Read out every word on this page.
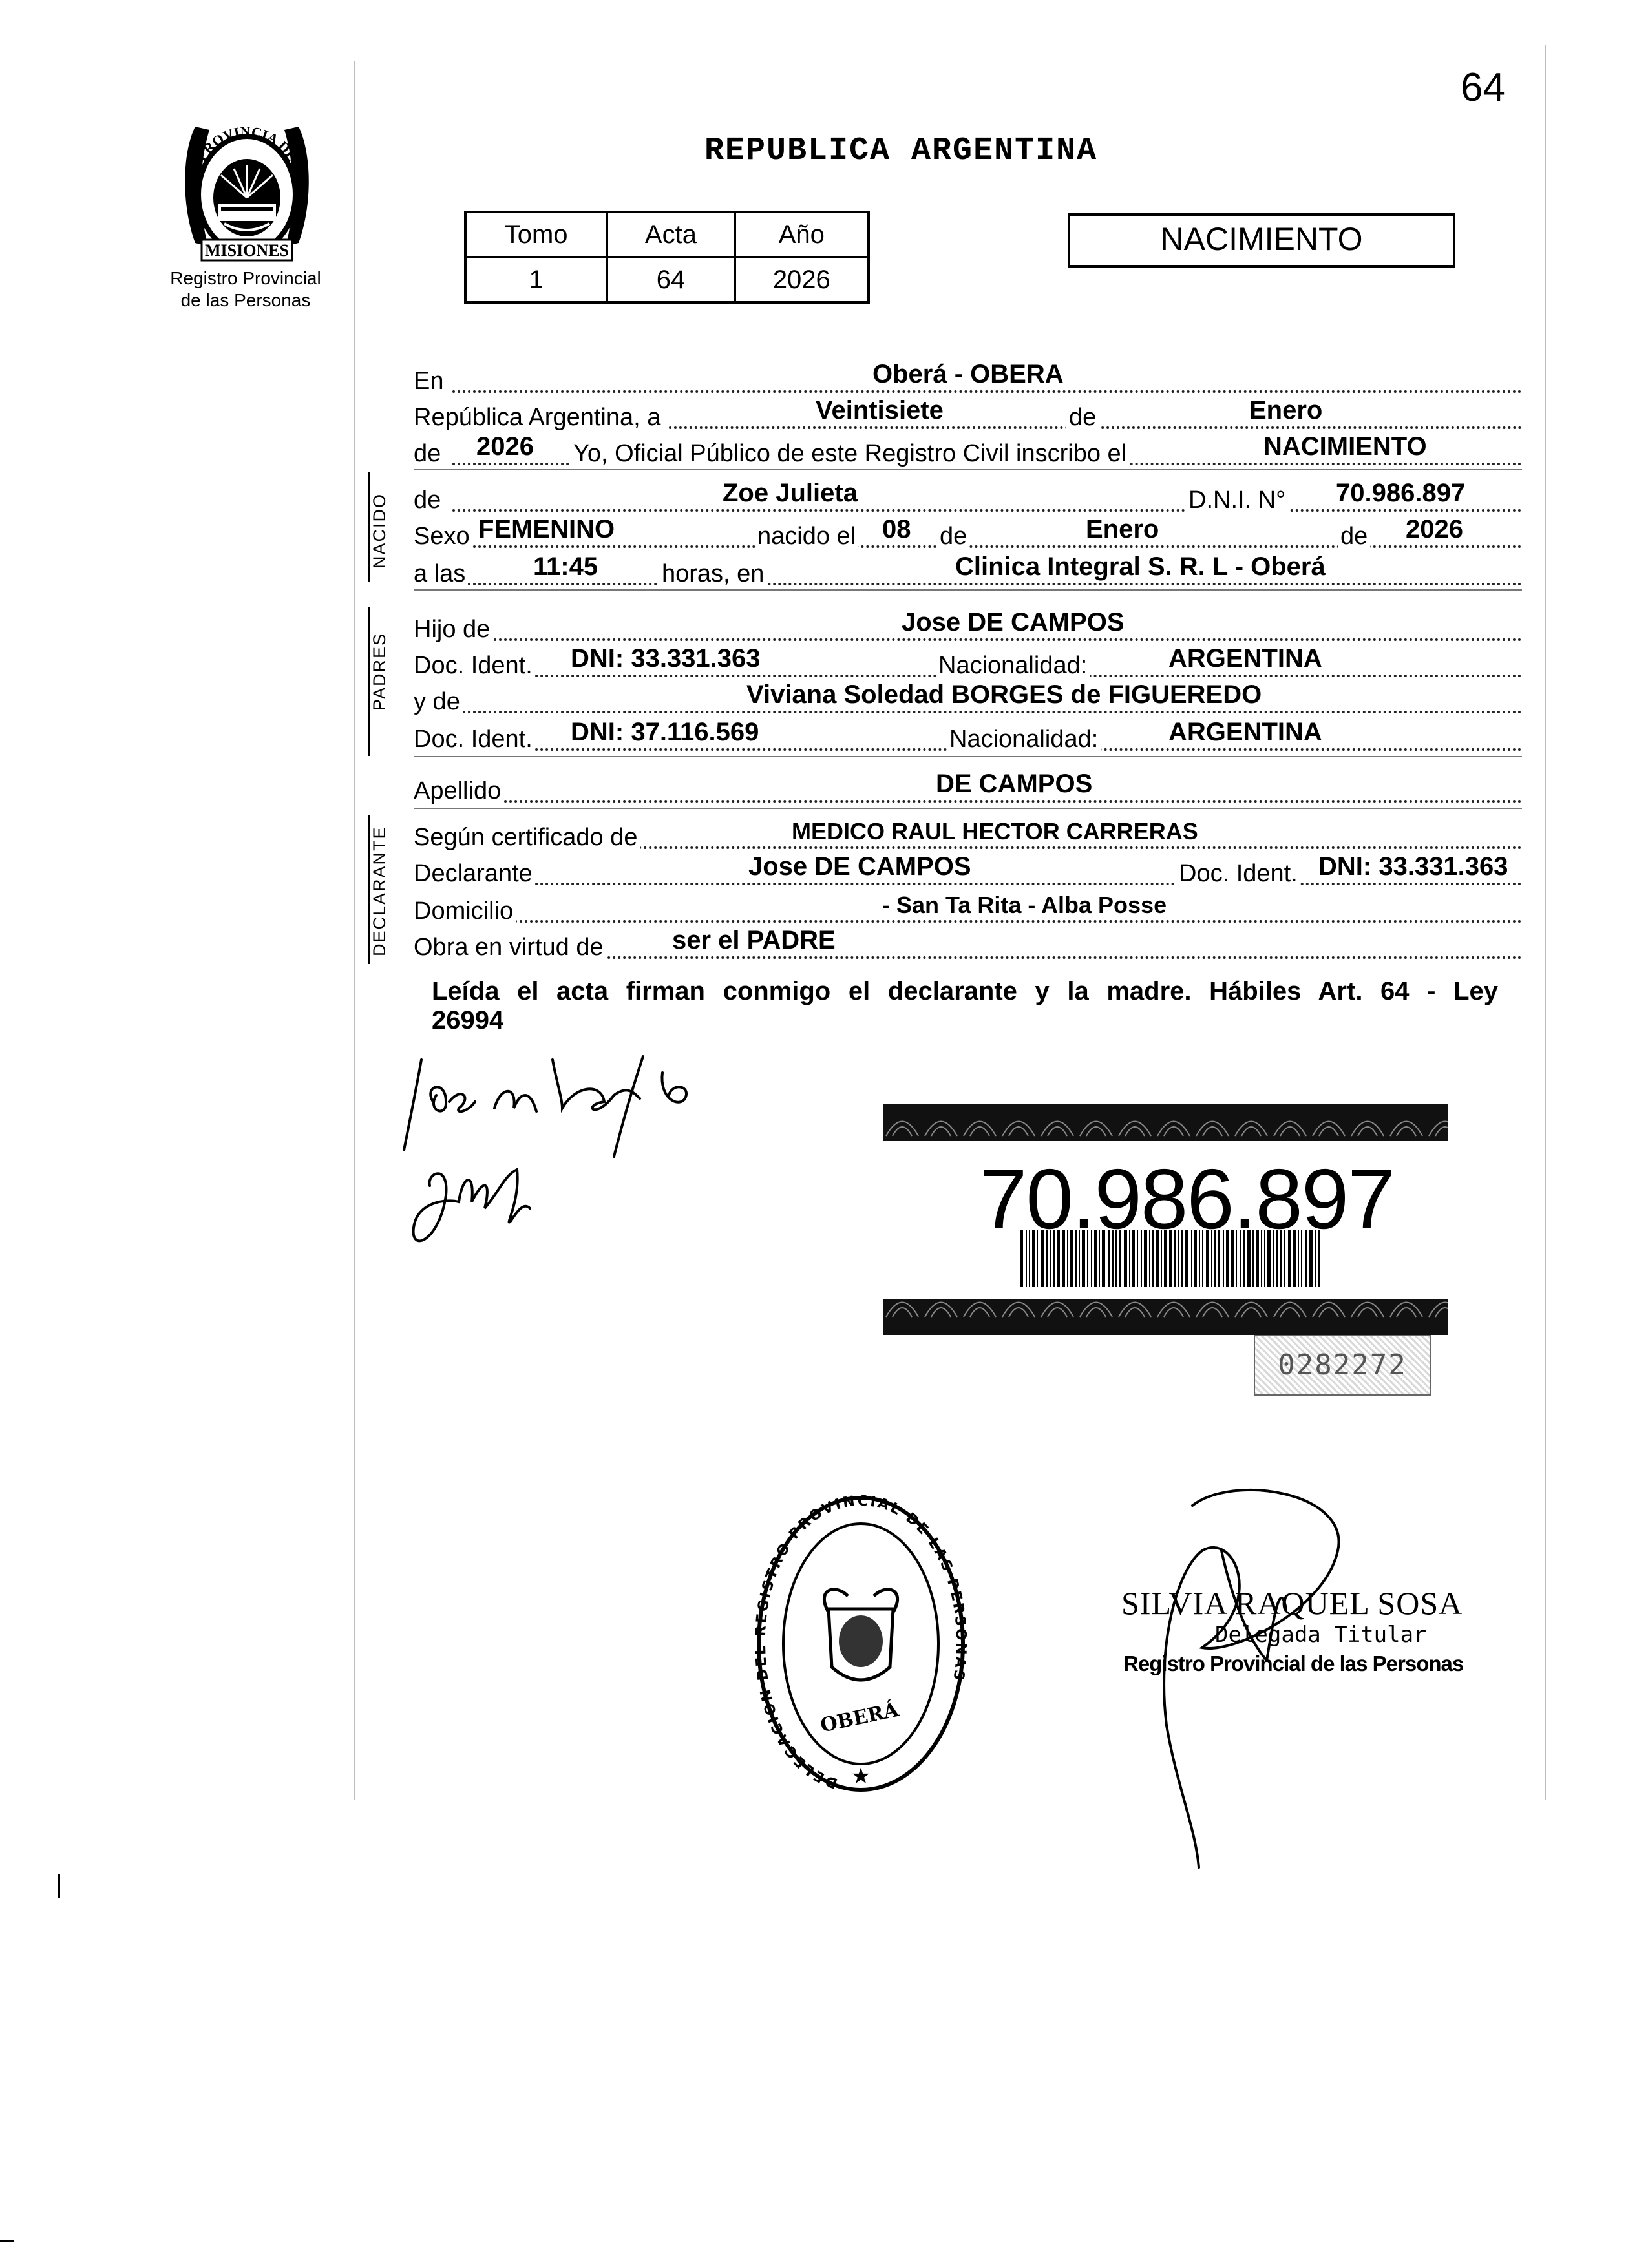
64
PROVINCIA DE
MISIONES
Registro Provincial
de las Personas
REPUBLICA ARGENTINA
Tomo	Acta	Año
1	64	2026
NACIMIENTO
NACIDO
PADRES
DECLARANTE
En	Oberá - OBERA
República Argentina, a	Veintisiete	de	Enero
de 2026 Yo, Oficial Público de este Registro Civil inscribo el	NACIMIENTO
de	Zoe Julieta	D.N.I. N° 70.986.897
Sexo FEMENINO	nacido el 08 de	Enero	de 2026
a las	11:45	horas, en	Clinica Integral S. R. L - Oberá
Hijo de	Jose DE CAMPOS
Doc. Ident. DNI: 33.331.363	Nacionalidad:	ARGENTINA
y de	Viviana Soledad BORGES de FIGUEREDO
Doc. Ident. DNI: 37.116.569	Nacionalidad:	ARGENTINA
Apellido	DE CAMPOS
Según certificado de	MEDICO RAUL HECTOR CARRERAS
Declarante	Jose DE CAMPOS	Doc. Ident. DNI: 33.331.363
Domicilio	- San Ta Rita - Alba Posse
Obra en virtud de	ser el PADRE
Leída el acta firman conmigo el declarante y la madre. Hábiles Art. 64 - Ley
26994
70.986.897
0282272
DELEGACION DEL REGISTRO PROVINCIAL DE LAS PERSONAS
OBERÁ
★
SILVIA RAQUEL SOSA
Delegada Titular
Registro Provincial de las Personas
